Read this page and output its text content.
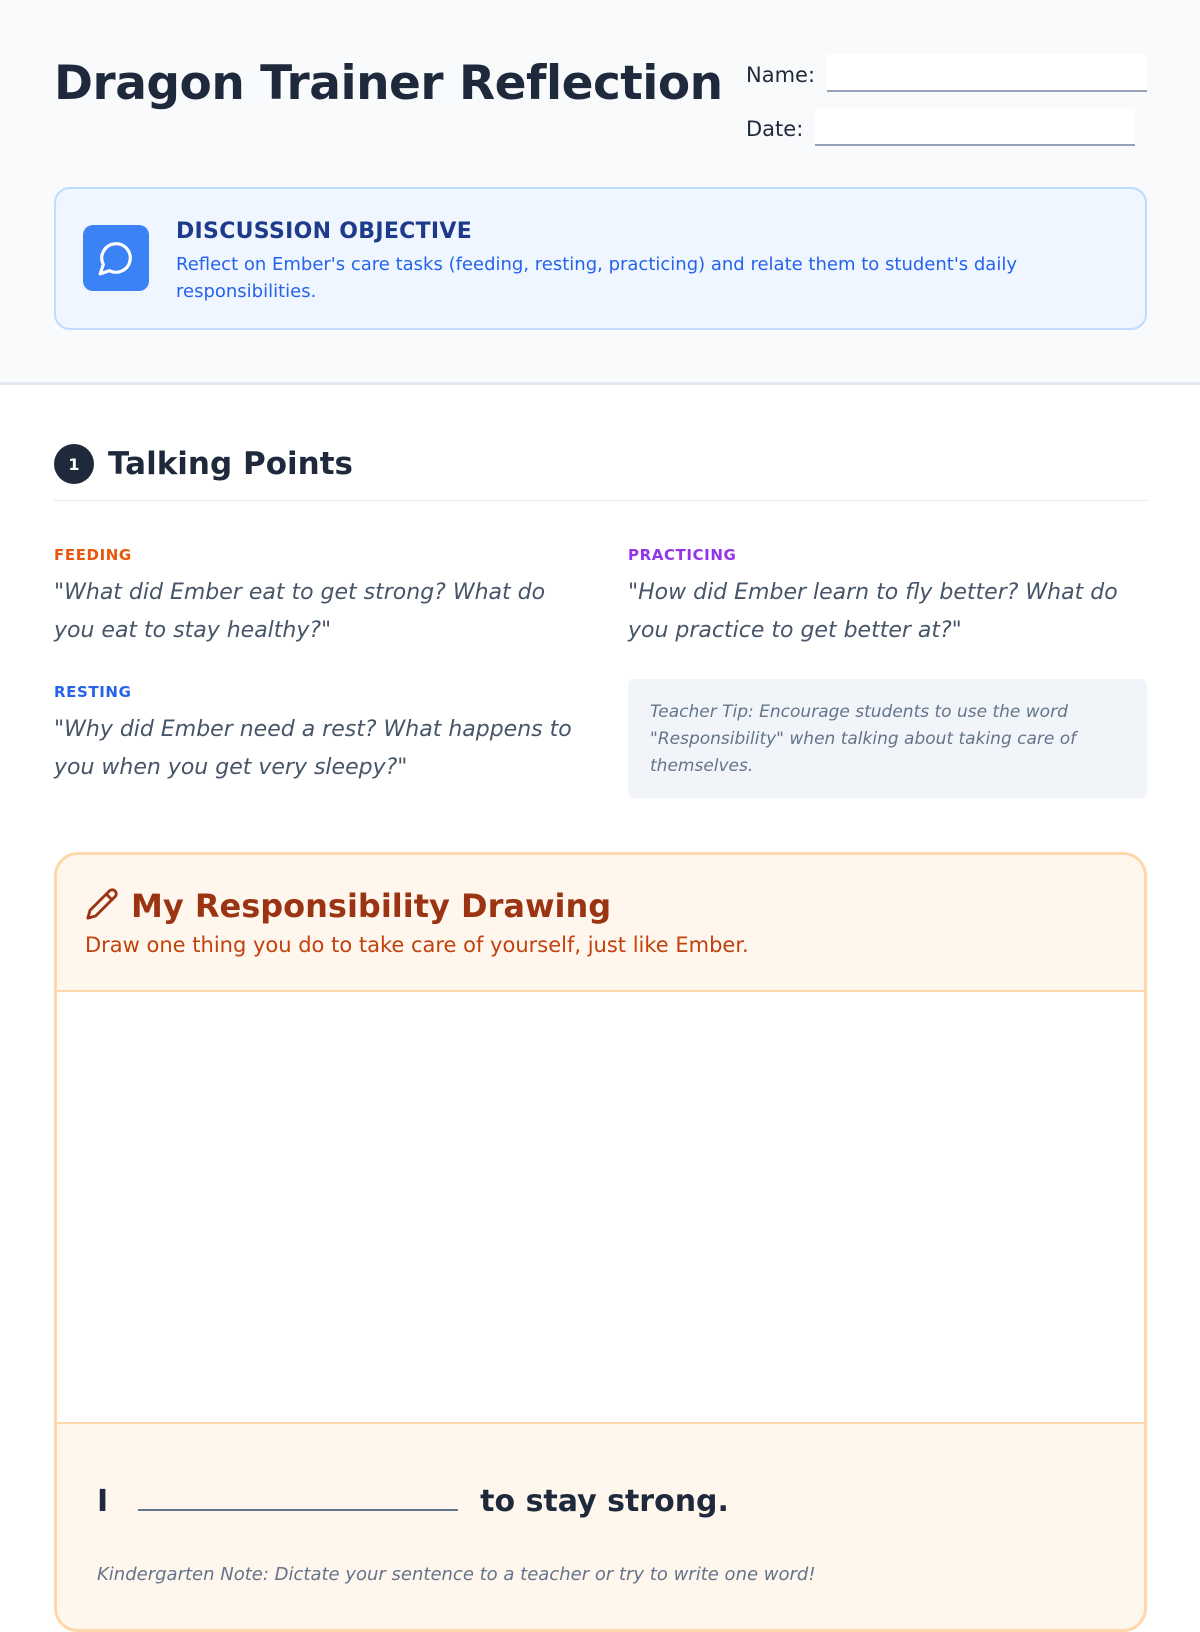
Dragon Trainer Reflection Name:
Date:
DISCUSSION OBJECTIVE
Reflect on Ember's care tasks (feeding, resting, practicing) and relate them to student's daily responsibilities.
1 Talking Points
FEEDING
"What did Ember eat to get strong? What do you eat to stay healthy?"
PRACTICING
"How did Ember learn to fly better? What do you practice to get better at?"
RESTING
"Why did Ember need a rest? What happens to you when you get very sleepy?"
Teacher Tip: Encourage students to use the word "Responsibility" when talking about taking care of themselves.
My Responsibility Drawing
Draw one thing you do to take care of yourself, just like Ember.
I	to stay strong.
Kindergarten Note: Dictate your sentence to a teacher or try to write one word!
